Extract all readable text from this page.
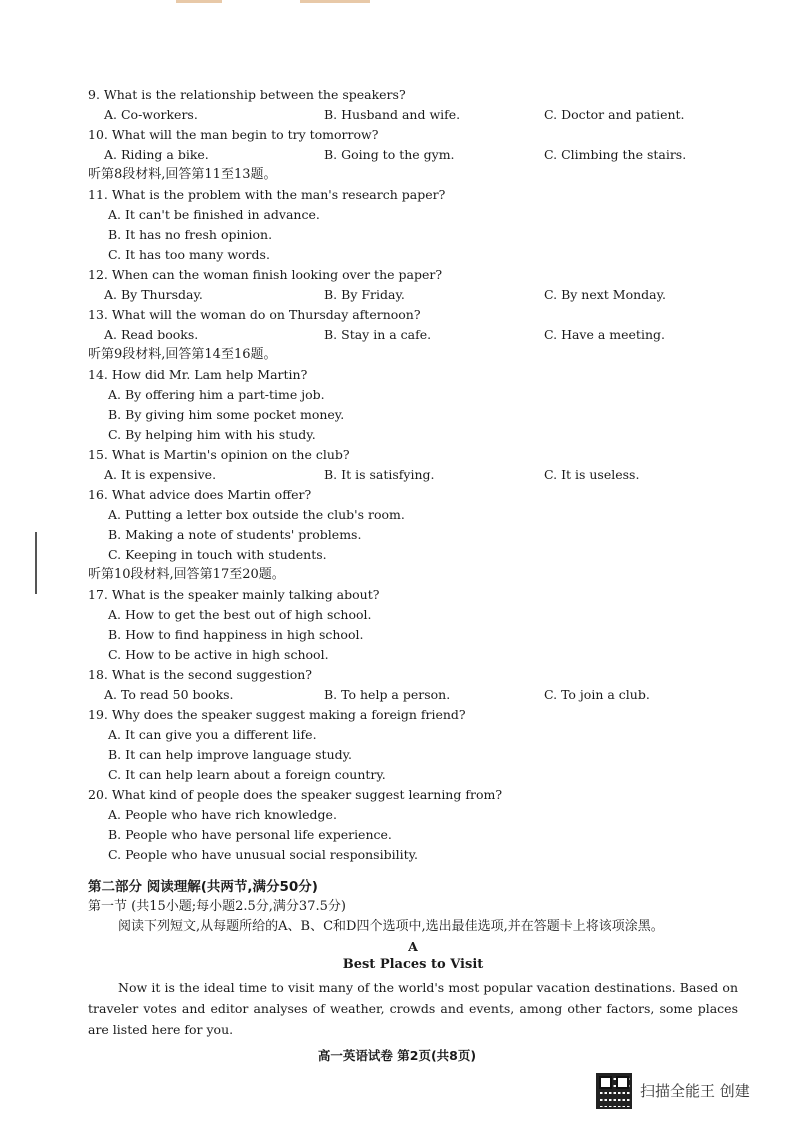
9. What is the relationship between the speakers?
A. Co-workers.	B. Husband and wife.	C. Doctor and patient.
10. What will the man begin to try tomorrow?
A. Riding a bike.	B. Going to the gym.	C. Climbing the stairs.
听第8段材料,回答第11至13题。
11. What is the problem with the man's research paper?
A. It can't be finished in advance.
B. It has no fresh opinion.
C. It has too many words.
12. When can the woman finish looking over the paper?
A. By Thursday.	B. By Friday.	C. By next Monday.
13. What will the woman do on Thursday afternoon?
A. Read books.	B. Stay in a cafe.	C. Have a meeting.
听第9段材料,回答第14至16题。
14. How did Mr. Lam help Martin?
A. By offering him a part-time job.
B. By giving him some pocket money.
C. By helping him with his study.
15. What is Martin's opinion on the club?
A. It is expensive.	B. It is satisfying.	C. It is useless.
16. What advice does Martin offer?
A. Putting a letter box outside the club's room.
B. Making a note of students' problems.
C. Keeping in touch with students.
听第10段材料,回答第17至20题。
17. What is the speaker mainly talking about?
A. How to get the best out of high school.
B. How to find happiness in high school.
C. How to be active in high school.
18. What is the second suggestion?
A. To read 50 books.	B. To help a person.	C. To join a club.
19. Why does the speaker suggest making a foreign friend?
A. It can give you a different life.
B. It can help improve language study.
C. It can help learn about a foreign country.
20. What kind of people does the speaker suggest learning from?
A. People who have rich knowledge.
B. People who have personal life experience.
C. People who have unusual social responsibility.
第二部分 阅读理解(共两节,满分50分)
第一节 (共15小题;每小题2.5分,满分37.5分)
阅读下列短文,从每题所给的A、B、C和D四个选项中,选出最佳选项,并在答题卡上将该项涂黑。
A
Best Places to Visit
Now it is the ideal time to visit many of the world's most popular vacation destinations. Based on traveler votes and editor analyses of weather, crowds and events, among other factors, some places are listed here for you.
高一英语试卷 第2页(共8页)
扫描全能王 创建
